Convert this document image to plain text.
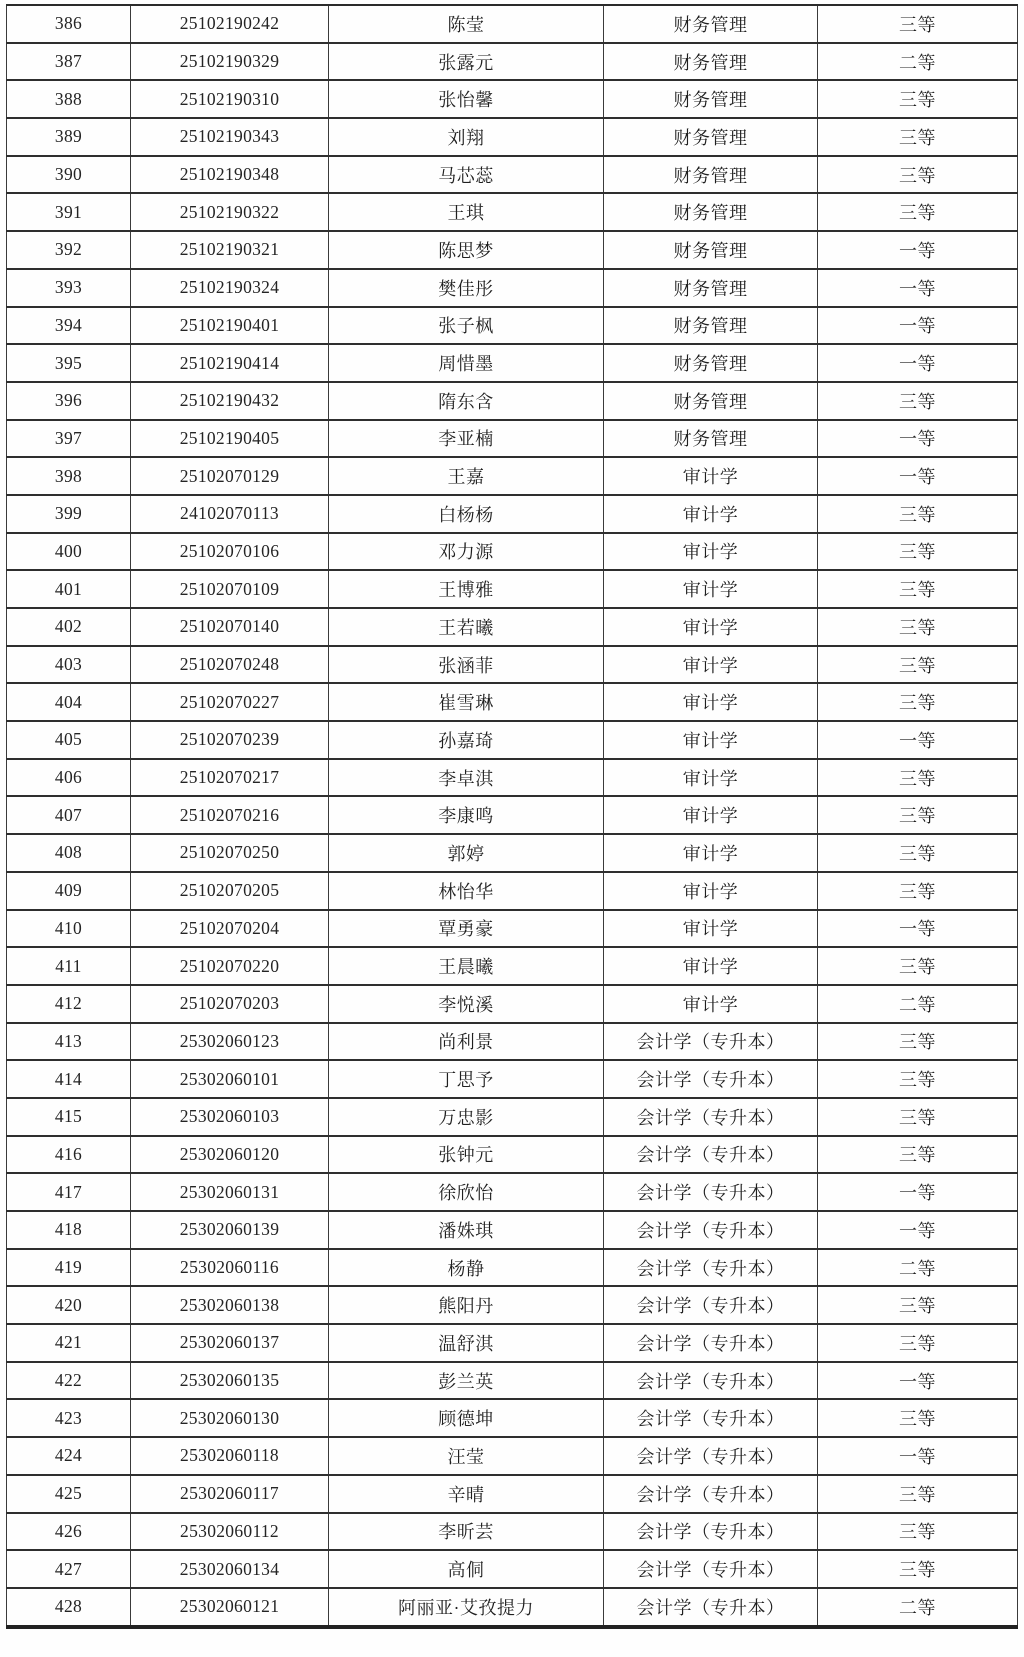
386	25102190242	陈莹	财务管理	三等
387	25102190329	张露元	财务管理	二等
388	25102190310	张怡馨	财务管理	三等
389	25102190343	刘翔	财务管理	三等
390	25102190348	马芯蕊	财务管理	三等
391	25102190322	王琪	财务管理	三等
392	25102190321	陈思梦	财务管理	一等
393	25102190324	樊佳彤	财务管理	一等
394	25102190401	张子枫	财务管理	一等
395	25102190414	周惜墨	财务管理	一等
396	25102190432	隋东含	财务管理	三等
397	25102190405	李亚楠	财务管理	一等
398	25102070129	王嘉	审计学	一等
399	24102070113	白杨杨	审计学	三等
400	25102070106	邓力源	审计学	三等
401	25102070109	王博雅	审计学	三等
402	25102070140	王若曦	审计学	三等
403	25102070248	张涵菲	审计学	三等
404	25102070227	崔雪琳	审计学	三等
405	25102070239	孙嘉琦	审计学	一等
406	25102070217	李卓淇	审计学	三等
407	25102070216	李康鸣	审计学	三等
408	25102070250	郭婷	审计学	三等
409	25102070205	林怡华	审计学	三等
410	25102070204	覃勇豪	审计学	一等
411	25102070220	王晨曦	审计学	三等
412	25102070203	李悦溪	审计学	二等
413	25302060123	尚利景	会计学（专升本）	三等
414	25302060101	丁思予	会计学（专升本）	三等
415	25302060103	万忠影	会计学（专升本）	三等
416	25302060120	张钟元	会计学（专升本）	三等
417	25302060131	徐欣怡	会计学（专升本）	一等
418	25302060139	潘姝琪	会计学（专升本）	一等
419	25302060116	杨静	会计学（专升本）	二等
420	25302060138	熊阳丹	会计学（专升本）	三等
421	25302060137	温舒淇	会计学（专升本）	三等
422	25302060135	彭兰英	会计学（专升本）	一等
423	25302060130	顾德坤	会计学（专升本）	三等
424	25302060118	汪莹	会计学（专升本）	一等
425	25302060117	辛晴	会计学（专升本）	三等
426	25302060112	李昕芸	会计学（专升本）	三等
427	25302060134	高侗	会计学（专升本）	三等
428	25302060121	阿丽亚·艾孜提力	会计学（专升本）	二等
